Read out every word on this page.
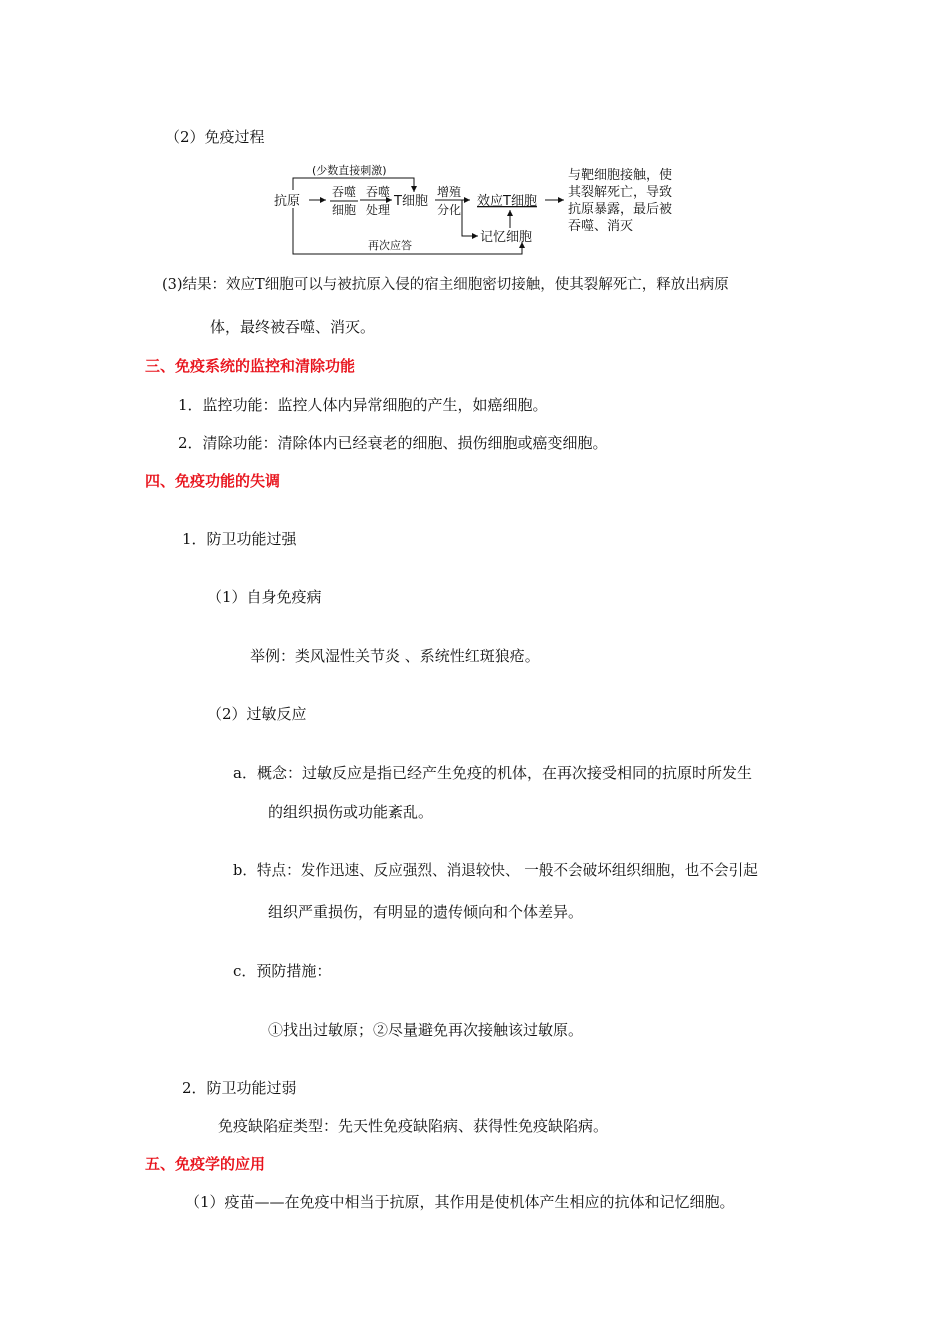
（2）免疫过程
(少数直接刺激)
抗原
吞噬
细胞
吞噬
处理
T细胞
增殖
分化
效应T细胞
记忆细胞
再次应答
与靶细胞接触，使
其裂解死亡，导致
抗原暴露，最后被
吞噬、消灭
(3)结果：效应T细胞可以与被抗原入侵的宿主细胞密切接触，使其裂解死亡，释放出病原
体，最终被吞噬、消灭。
三、免疫系统的监控和清除功能
1．监控功能：监控人体内异常细胞的产生，如癌细胞。
2．清除功能：清除体内已经衰老的细胞、损伤细胞或癌变细胞。
四、免疫功能的失调
1．防卫功能过强
（1）自身免疫病
举例：类风湿性关节炎 、系统性红斑狼疮。
（2）过敏反应
a．概念：过敏反应是指已经产生免疫的机体，在再次接受相同的抗原时所发生
的组织损伤或功能紊乱。
b．特点：发作迅速、反应强烈、消退较快、 一般不会破坏组织细胞，也不会引起
组织严重损伤，有明显的遗传倾向和个体差异。
c．预防措施：
①找出过敏原；②尽量避免再次接触该过敏原。
2．防卫功能过弱
免疫缺陷症类型：先天性免疫缺陷病、获得性免疫缺陷病。
五、免疫学的应用
（1）疫苗——在免疫中相当于抗原，其作用是使机体产生相应的抗体和记忆细胞。
